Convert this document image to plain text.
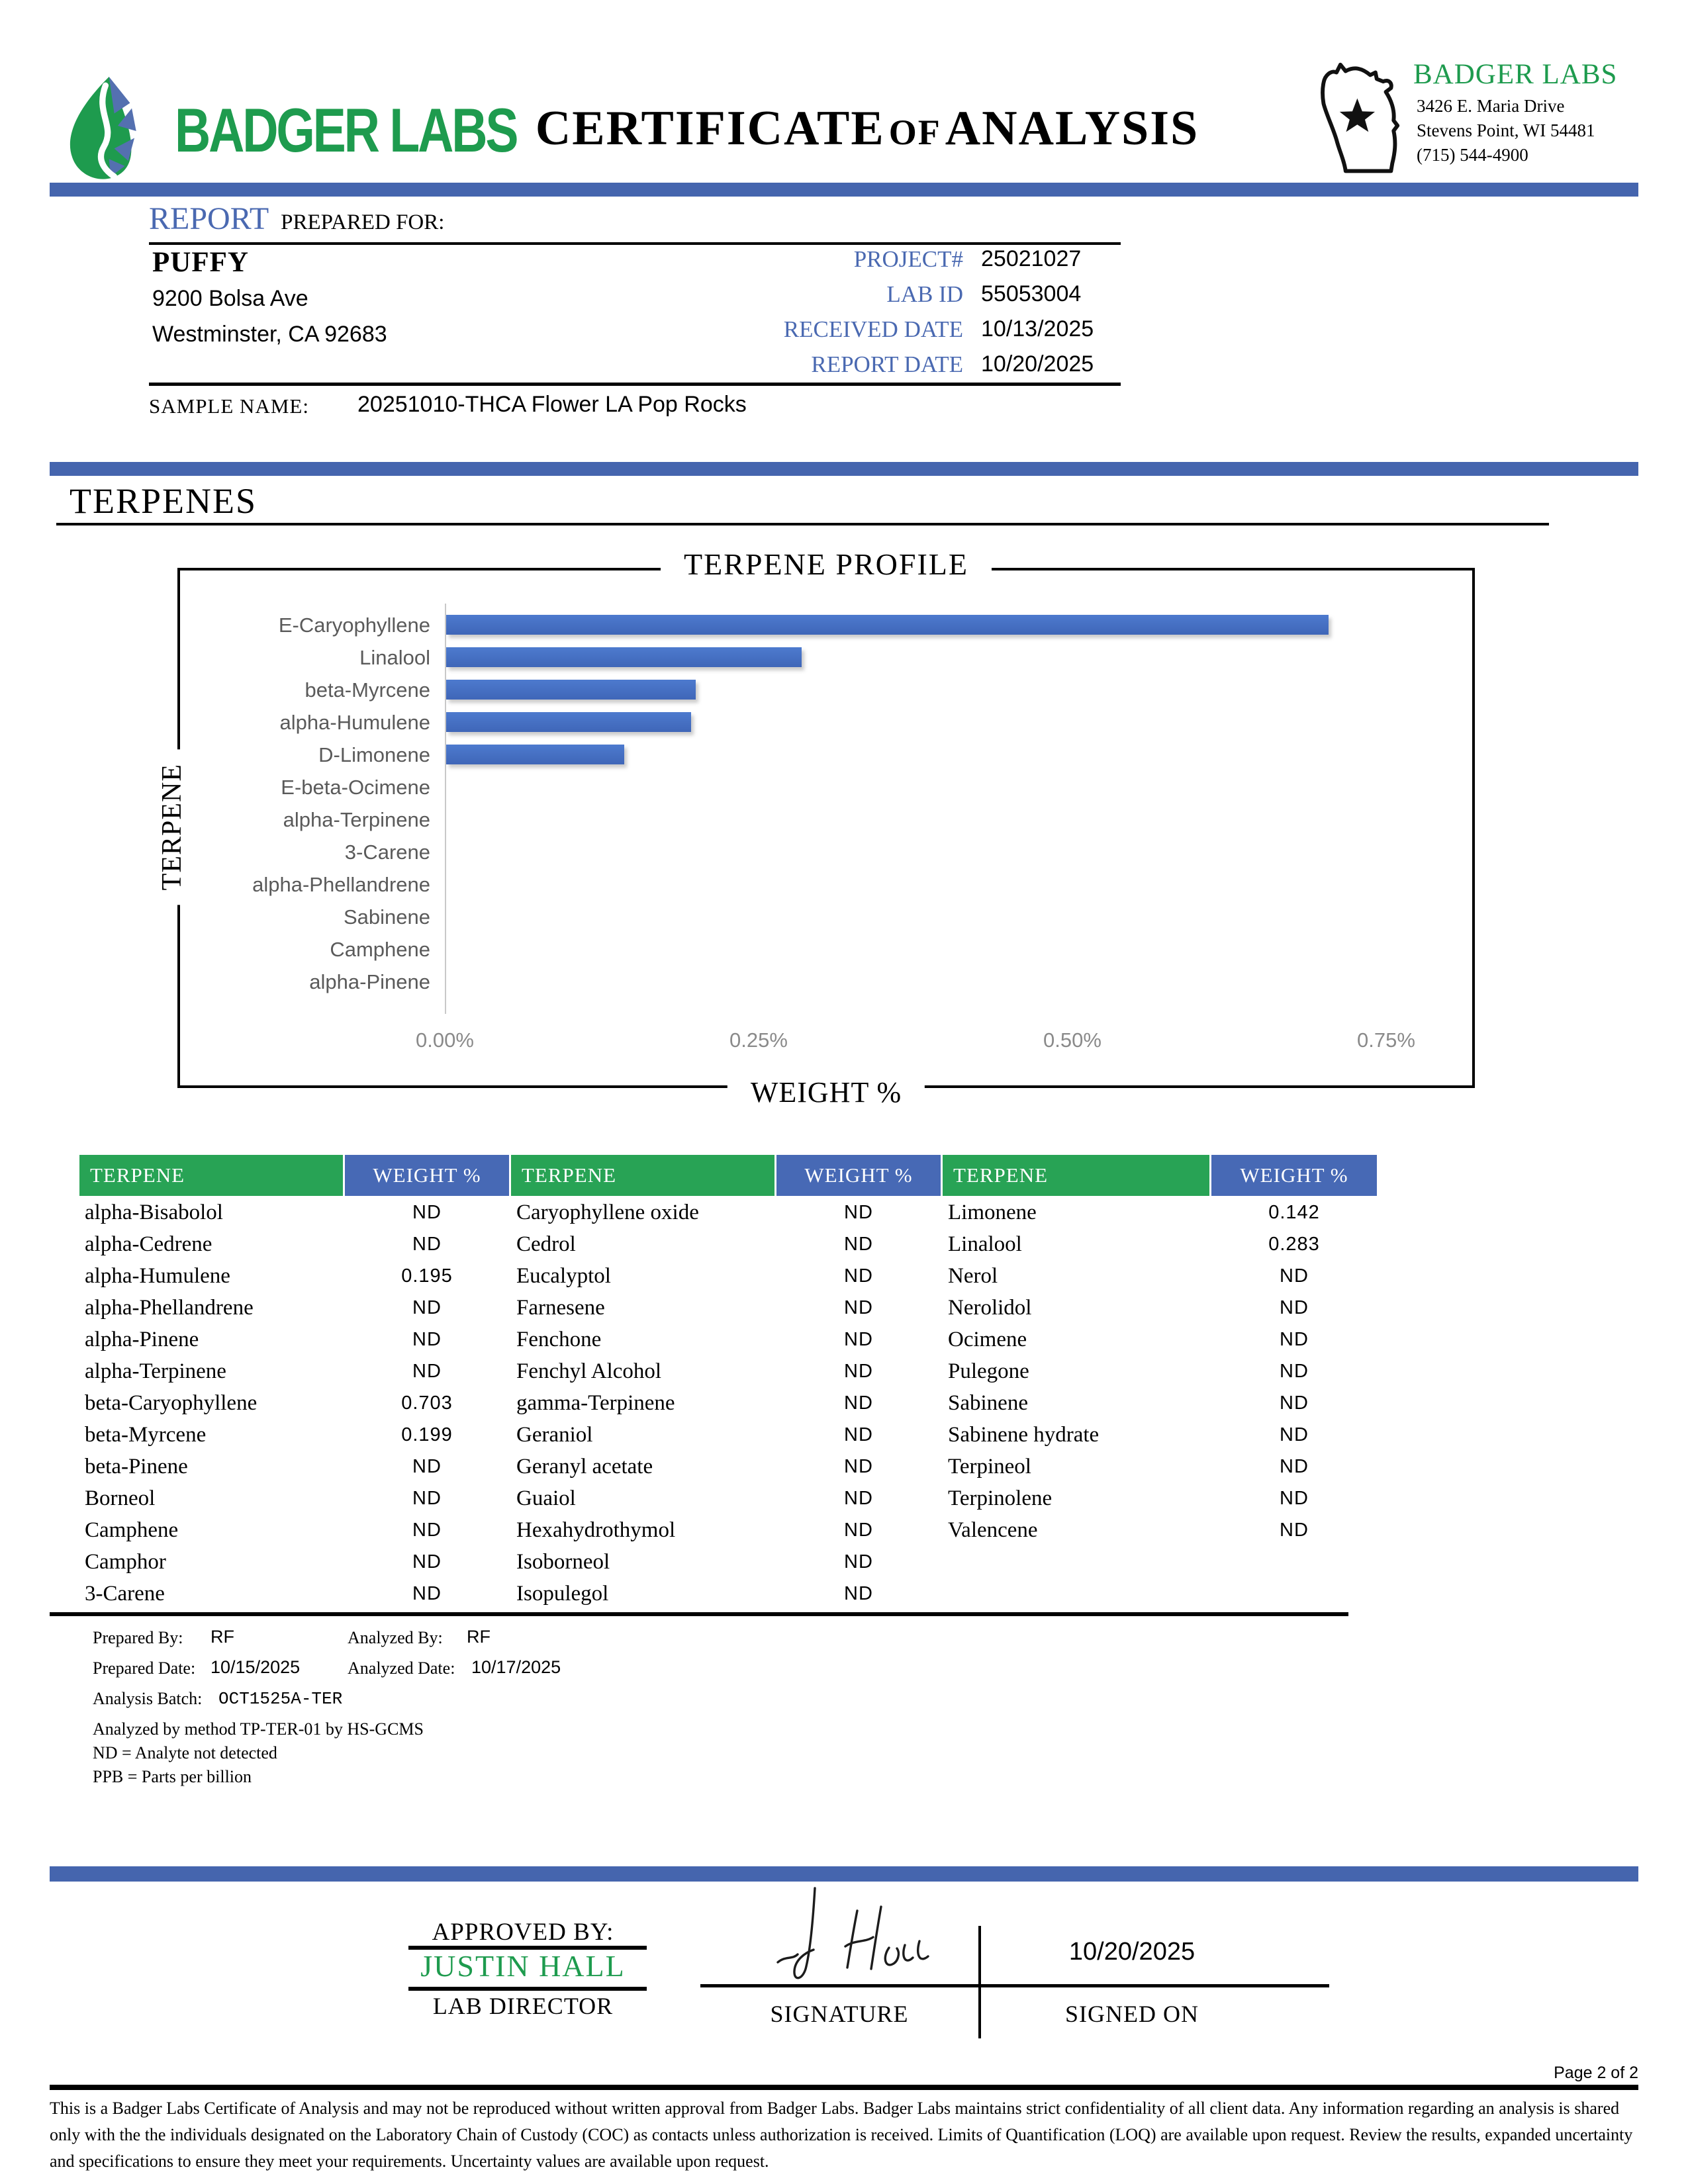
BADGER LABS CERTIFICATE OF ANALYSIS
BADGER LABS
3426 E. Maria Drive
Stevens Point, WI 54481
(715) 544-4900
REPORT PREPARED FOR:
PUFFY
9200 Bolsa Ave
Westminster, CA 92683
PROJECT# 25021027
LAB ID 55053004
RECEIVED DATE 10/13/2025
REPORT DATE 10/20/2025
SAMPLE NAME: 20251010-THCA Flower LA Pop Rocks
TERPENES
TERPENE PROFILE
TERPENE
E-Caryophyllene
Linalool
beta-Myrcene
alpha-Humulene
D-Limonene
E-beta-Ocimene
alpha-Terpinene
3-Carene
alpha-Phellandrene
Sabinene
Camphene
alpha-Pinene
0.00%	0.25%	0.50%	0.75%
WEIGHT %
TERPENE	WEIGHT %	TERPENE	WEIGHT %	TERPENE	WEIGHT %
alpha-Bisabolol	ND	Caryophyllene oxide	ND	Limonene	0.142
alpha-Cedrene	ND	Cedrol	ND	Linalool	0.283
alpha-Humulene	0.195	Eucalyptol	ND	Nerol	ND
alpha-Phellandrene	ND	Farnesene	ND	Nerolidol	ND
alpha-Pinene	ND	Fenchone	ND	Ocimene	ND
alpha-Terpinene	ND	Fenchyl Alcohol	ND	Pulegone	ND
beta-Caryophyllene	0.703	gamma-Terpinene	ND	Sabinene	ND
beta-Myrcene	0.199	Geraniol	ND	Sabinene hydrate	ND
beta-Pinene	ND	Geranyl acetate	ND	Terpineol	ND
Borneol	ND	Guaiol	ND	Terpinolene	ND
Camphene	ND	Hexahydrothymol	ND	Valencene	ND
Camphor	ND	Isoborneol	ND
3-Carene	ND	Isopulegol	ND
Prepared By: RF	Analyzed By: RF
Prepared Date: 10/15/2025	Analyzed Date: 10/17/2025
Analysis Batch: OCT1525A-TER
Analyzed by method TP-TER-01 by HS-GCMS
ND = Analyte not detected
PPB = Parts per billion
APPROVED BY:
JUSTIN HALL
LAB DIRECTOR
10/20/2025
SIGNATURE	SIGNED ON
Page 2 of 2
This is a Badger Labs Certificate of Analysis and may not be reproduced without written approval from Badger Labs. Badger Labs maintains strict confidentiality of all client data. Any information regarding an analysis is shared only with the the individuals designated on the Laboratory Chain of Custody (COC) as contacts unless authorization is received. Limits of Quantification (LOQ) are available upon request. Review the results, expanded uncertainty and specifications to ensure they meet your requirements. Uncertainty values are available upon request.
